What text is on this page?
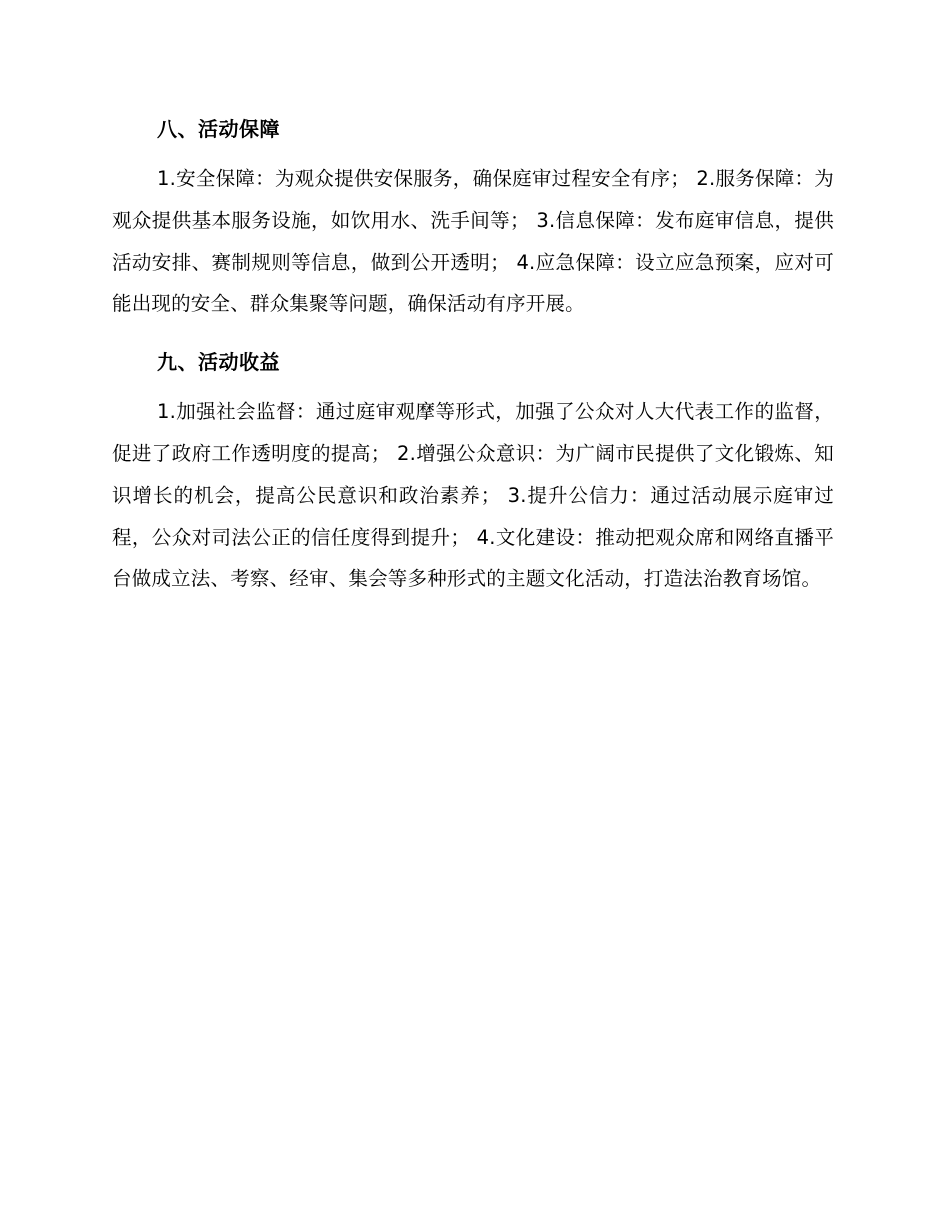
八、活动保障

1.安全保障：为观众提供安保服务，确保庭审过程安全有序； 2.服务保障：为观众提供基本服务设施，如饮用水、洗手间等； 3.信息保障：发布庭审信息，提供活动安排、赛制规则等信息，做到公开透明； 4.应急保障：设立应急预案，应对可能出现的安全、群众集聚等问题，确保活动有序开展。

九、活动收益

1.加强社会监督：通过庭审观摩等形式，加强了公众对人大代表工作的监督，促进了政府工作透明度的提高； 2.增强公众意识：为广阔市民提供了文化锻炼、知识增长的机会，提高公民意识和政治素养； 3.提升公信力：通过活动展示庭审过程，公众对司法公正的信任度得到提升； 4.文化建设：推动把观众席和网络直播平台做成立法、考察、经审、集会等多种形式的主题文化活动，打造法治教育场馆。
